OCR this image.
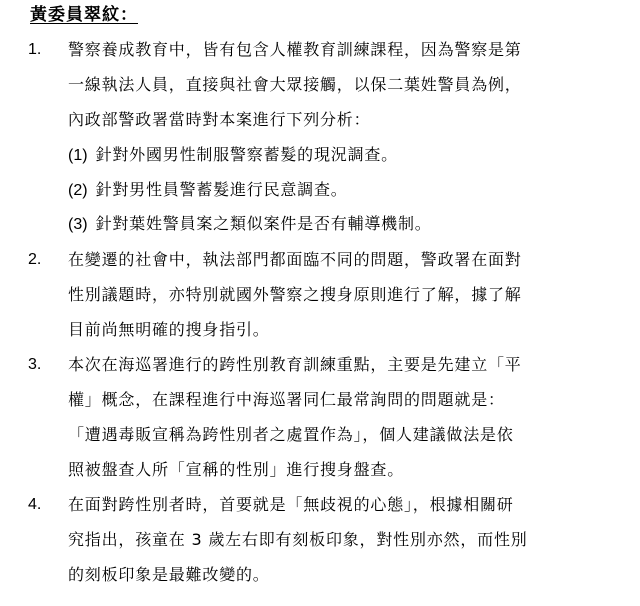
黃委員翠紋：
1. 警察養成教育中，皆有包含人權教育訓練課程，因為警察是第
一線執法人員，直接與社會大眾接觸，以保二葉姓警員為例，
內政部警政署當時對本案進行下列分析：
(1) 針對外國男性制服警察蓄髮的現況調查。
(2) 針對男性員警蓄髮進行民意調查。
(3) 針對葉姓警員案之類似案件是否有輔導機制。
2. 在變遷的社會中，執法部門都面臨不同的問題，警政署在面對
性別議題時，亦特別就國外警察之搜身原則進行了解，據了解
目前尚無明確的搜身指引。
3. 本次在海巡署進行的跨性別教育訓練重點，主要是先建立「平
權」概念，在課程進行中海巡署同仁最常詢問的問題就是：
「遭遇毒販宣稱為跨性別者之處置作為」，個人建議做法是依
照被盤查人所「宣稱的性別」進行搜身盤查。
4. 在面對跨性別者時，首要就是「無歧視的心態」，根據相關研
究指出，孩童在 3 歲左右即有刻板印象，對性別亦然，而性別
的刻板印象是最難改變的。
